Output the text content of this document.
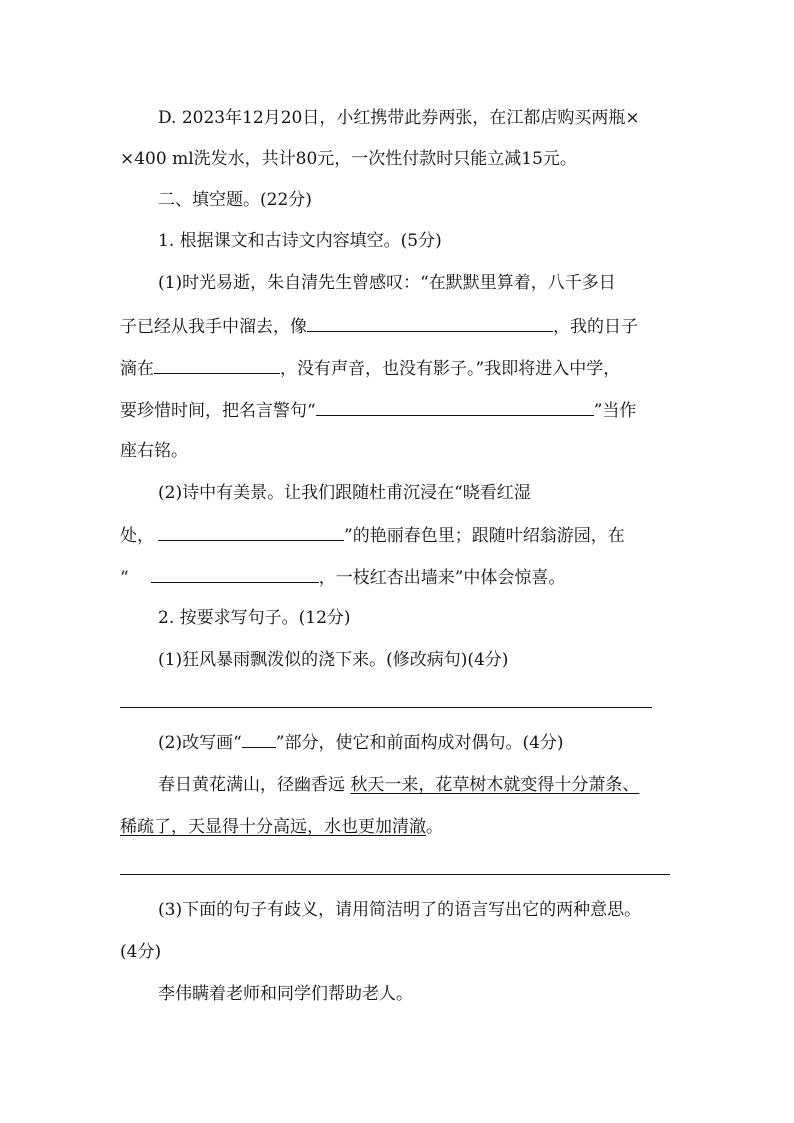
D. 2023年12月20日，小红携带此券两张，在江都店购买两瓶×
×400 ml洗发水，共计80元，一次性付款时只能立减15元。
二、填空题。(22分)
1. 根据课文和古诗文内容填空。(5分)
(1)时光易逝，朱自清先生曾感叹：“在默默里算着，八千多日
子已经从我手中溜去，像	，我的日子
滴在	，没有声音，也没有影子。”我即将进入中学，
要珍惜时间，把名言警句“	”当作
座右铭。
(2)诗中有美景。让我们跟随杜甫沉浸在“晓看红湿
处，	”的艳丽春色里；跟随叶绍翁游园，在
“	，一枝红杏出墙来”中体会惊喜。
2. 按要求写句子。(12分)
(1)狂风暴雨飘泼似的浇下来。(修改病句)(4分)
(2)改写画“ ”部分，使它和前面构成对偶句。(4分)
春日黄花满山，径幽香远 秋天一来，花草树木就变得十分萧条、
稀疏了，天显得十分高远，水也更加清澈。
(3)下面的句子有歧义，请用简洁明了的语言写出它的两种意思。
(4分)
李伟瞒着老师和同学们帮助老人。
